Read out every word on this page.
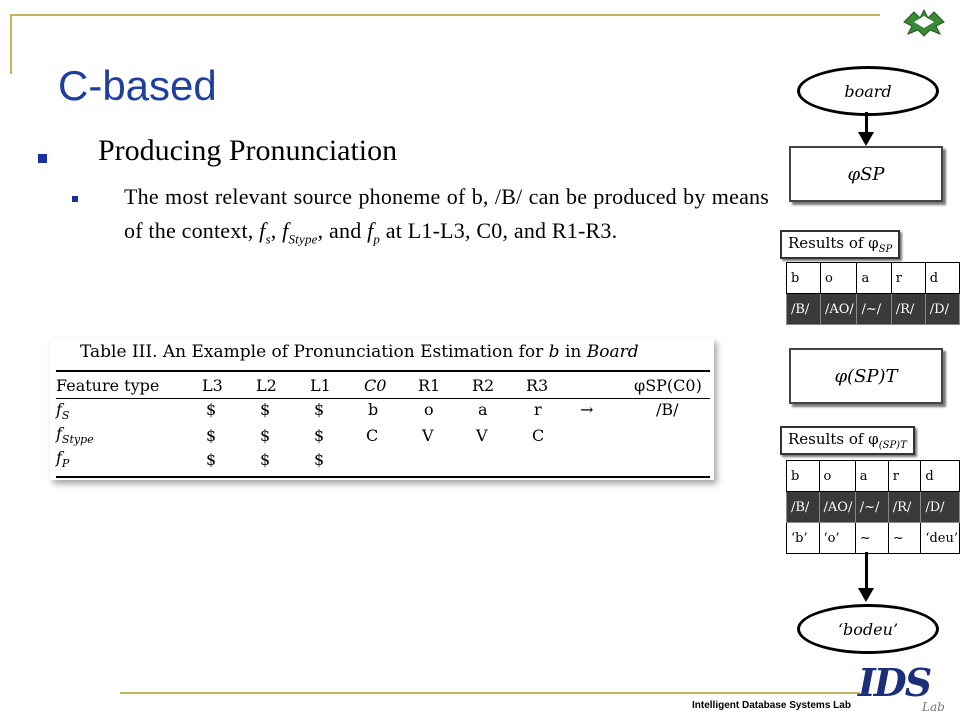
C-based
Producing Pronunciation
The most relevant source phoneme of b, /B/ can be produced by means of the context, $f_s$, $f_{Stype}$, and $f_p$ at L1-L3, C0, and R1-R3.
Table III. An Example of Pronunciation Estimation for b in Board
Feature type	L3 L2 L1 C0 R1 R2 R3	φSP(C0)
$f_S$	$	$	$	b	o	a	r →	/B/
$f_{Stype}$	$	$	$	C	V	V	C
$f_P$	$	$	$
board
φSP
Results of $\varphi_{SP}$
b	o	a	r	d
/B/	/AO/	/~/	/R/	/D/
φ(SP)T
Results of $\varphi_{(SP)T}$
b	o	a	r	d
/B/	/AO/	/~/	/R/	/D/
‘b’	‘o’	~	~	‘deu’
‘bodeu’
Intelligent Database Systems Lab
IDS
Lab
